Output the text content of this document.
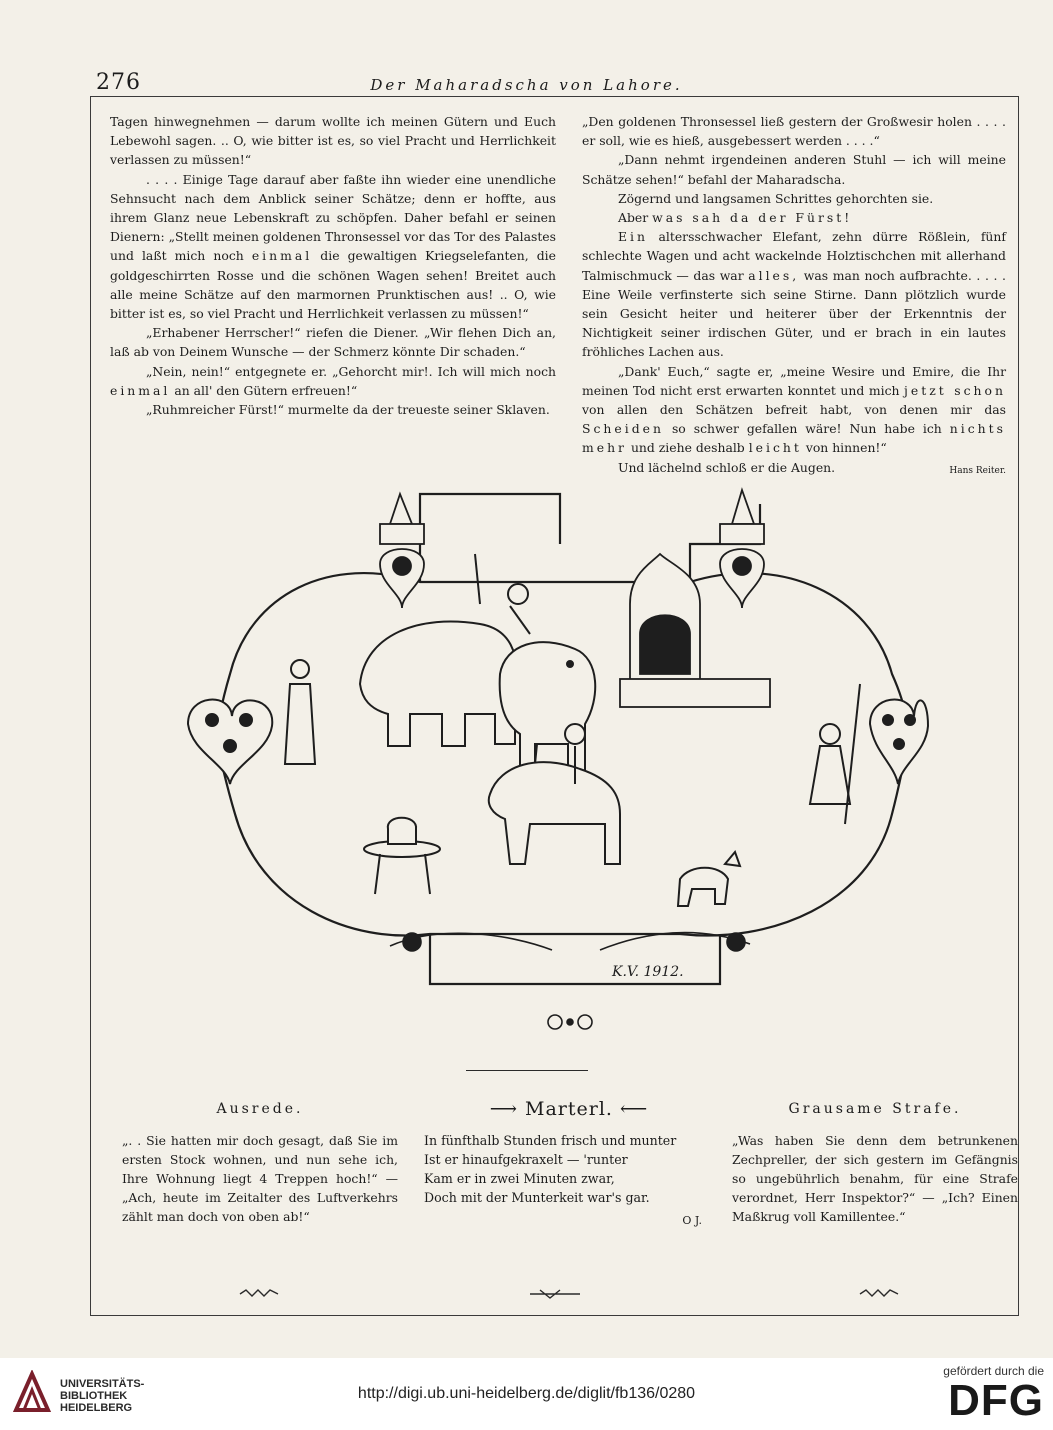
276	Der Maharadscha von Lahore.

Tagen hinwegnehmen — darum wollte ich meinen Gütern und Euch Lebewohl sagen. .. O, wie bitter ist es, so viel Pracht und Herrlichkeit verlassen zu müssen!“

. . . . Einige Tage darauf aber faßte ihn wieder eine unendliche Sehnsucht nach dem Anblick seiner Schätze; denn er hoffte, aus ihrem Glanz neue Lebenskraft zu schöpfen. Daher befahl er seinen Dienern: „Stellt meinen goldenen Thronsessel vor das Tor des Palastes und laßt mich noch einmal die gewaltigen Kriegselefanten, die goldgeschirrten Rosse und die schönen Wagen sehen! Breitet auch alle meine Schätze auf den marmornen Prunktischen aus! .. O, wie bitter ist es, so viel Pracht und Herrlichkeit verlassen zu müssen!“

„Erhabener Herrscher!“ riefen die Diener. „Wir flehen Dich an, laß ab von Deinem Wunsche — der Schmerz könnte Dir schaden.“

„Nein, nein!“ entgegnete er. „Gehorcht mir!. Ich will mich noch einmal an all' den Gütern erfreuen!“

„Ruhmreicher Fürst!“ murmelte da der treueste seiner Sklaven.

„Den goldenen Thronsessel ließ gestern der Großwesir holen . . . . er soll, wie es hieß, ausgebessert werden . . . .“

„Dann nehmt irgendeinen anderen Stuhl — ich will meine Schätze sehen!“ befahl der Maharadscha.

Zögernd und langsamen Schrittes gehorchten sie.

Aber was sah da der Fürst!

Ein altersschwacher Elefant, zehn dürre Rößlein, fünf schlechte Wagen und acht wackelnde Holztischchen mit allerhand Talmischmuck — das war alles, was man noch aufbrachte. . . . . Eine Weile verfinsterte sich seine Stirne. Dann plötzlich wurde sein Gesicht heiter und heiterer über der Erkenntnis der Nichtigkeit seiner irdischen Güter, und er brach in ein lautes fröhliches Lachen aus.

„Dank' Euch,“ sagte er, „meine Wesire und Emire, die Ihr meinen Tod nicht erst erwarten konntet und mich jetzt schon von allen den Schätzen befreit habt, von denen mir das Scheiden so schwer gefallen wäre! Nun habe ich nichts mehr und ziehe deshalb leicht von hinnen!“

Und lächelnd schloß er die Augen.	Hans Reiter.

K.V. 1912.
Ausrede.

„. . Sie hatten mir doch gesagt, daß Sie im ersten Stock wohnen, und nun sehe ich, Ihre Wohnung liegt 4 Treppen hoch!“ — „Ach, heute im Zeitalter des Luftverkehrs zählt man doch von oben ab!“

⟶ Marterl. ⟵
In fünfthalb Stunden frisch und munter
Ist er hinaufgekraxelt — 'runter
Kam er in zwei Minuten zwar,
Doch mit der Munterkeit war's gar.
O J.
Grausame Strafe.

„Was haben Sie denn dem betrunkenen Zechpreller, der sich gestern im Gefängnis so ungebührlich benahm, für eine Strafe verordnet, Herr Inspektor?“ — „Ich? Einen Maßkrug voll Kamillentee.“

UNIVERSITÄTS-
BIBLIOTHEK
HEIDELBERG
http://digi.ub.uni-heidelberg.de/diglit/fb136/0280
gefördert durch die
DFG
